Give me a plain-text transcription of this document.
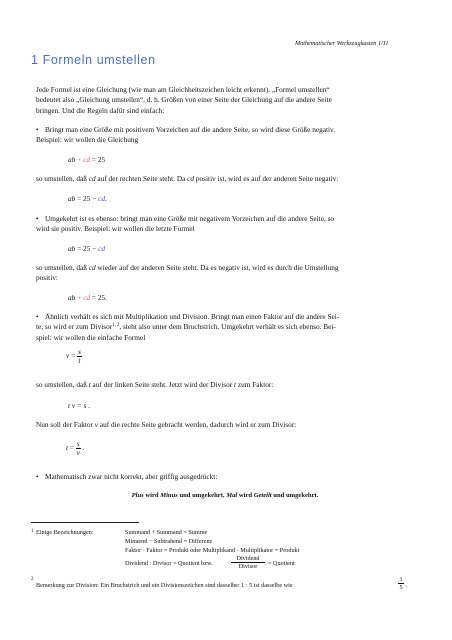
Mathematischer Werkzeugkasten 1/11
1 Formeln umstellen
Jede Formel ist eine Gleichung (wie man am Gleichheitszeichen leicht erkennt). „Formel umstellen“
bedeutet also „Gleichung umstellen“, d. h. Größen von einer Seite der Gleichung auf die andere Seite
bringen. Und die Regeln dafür sind einfach:
• Bringt man eine Größe mit positivem Vorzeichen auf die andere Seite, so wird diese Größe negativ.
Beispiel: wir wollen die Gleichung
ab + cd = 25
so umstellen, daß cd auf der rechten Seite steht. Da cd positiv ist, wird es auf der anderen Seite negativ:
ab = 25 − cd.
• Umgekehrt ist es ebenso: bringt man eine Größe mit negativem Vorzeichen auf die andere Seite, so
wird sie positiv. Beispiel: wir wollen die letzte Formel
ab = 25 − cd
so umstellen, daß cd wieder auf der anderen Seite steht. Da es negativ ist, wird es durch die Umstellung
positiv:
ab + cd = 25.
• Ähnlich verhält es sich mit Multiplikation und Division. Bringt man einen Faktor auf die andere Sei-
te, so wird er zum Divisor$^{1, 2}$, steht also unter dem Bruchstrich. Umgekehrt verhält es sich ebenso. Bei-
spiel: wir wollen die einfache Formel
$v = \frac{s}{t}$
so umstellen, daß t auf der linken Seite steht. Jetzt wird der Divisor t zum Faktor:
t v = s .
Nun soll der Faktor v auf die rechte Seite gebracht werden, dadurch wird er zum Divisor:
$t = \frac{s}{v}$ .
• Mathematisch zwar nicht korrekt, aber griffig ausgedrückt:
Plus wird Minus und umgekehrt, Mal wird Geteilt und umgekehrt.
$^1$ Einige Bezeichnungen:	Summand + Summand = Summe
Minuend − Subtrahend = Differenz
Faktor · Faktor = Produkt oder Multiplikand · Multiplikator = Produkt
Dividend : Divisor = Quotient bzw.
Dividend
Divisor	= Quotient
$^2$
Bemerkung zur Division: Ein Bruchstrich und ein Divisionszeichen sind dasselbe: 1 : 5 ist dasselbe wie
1
5 .
